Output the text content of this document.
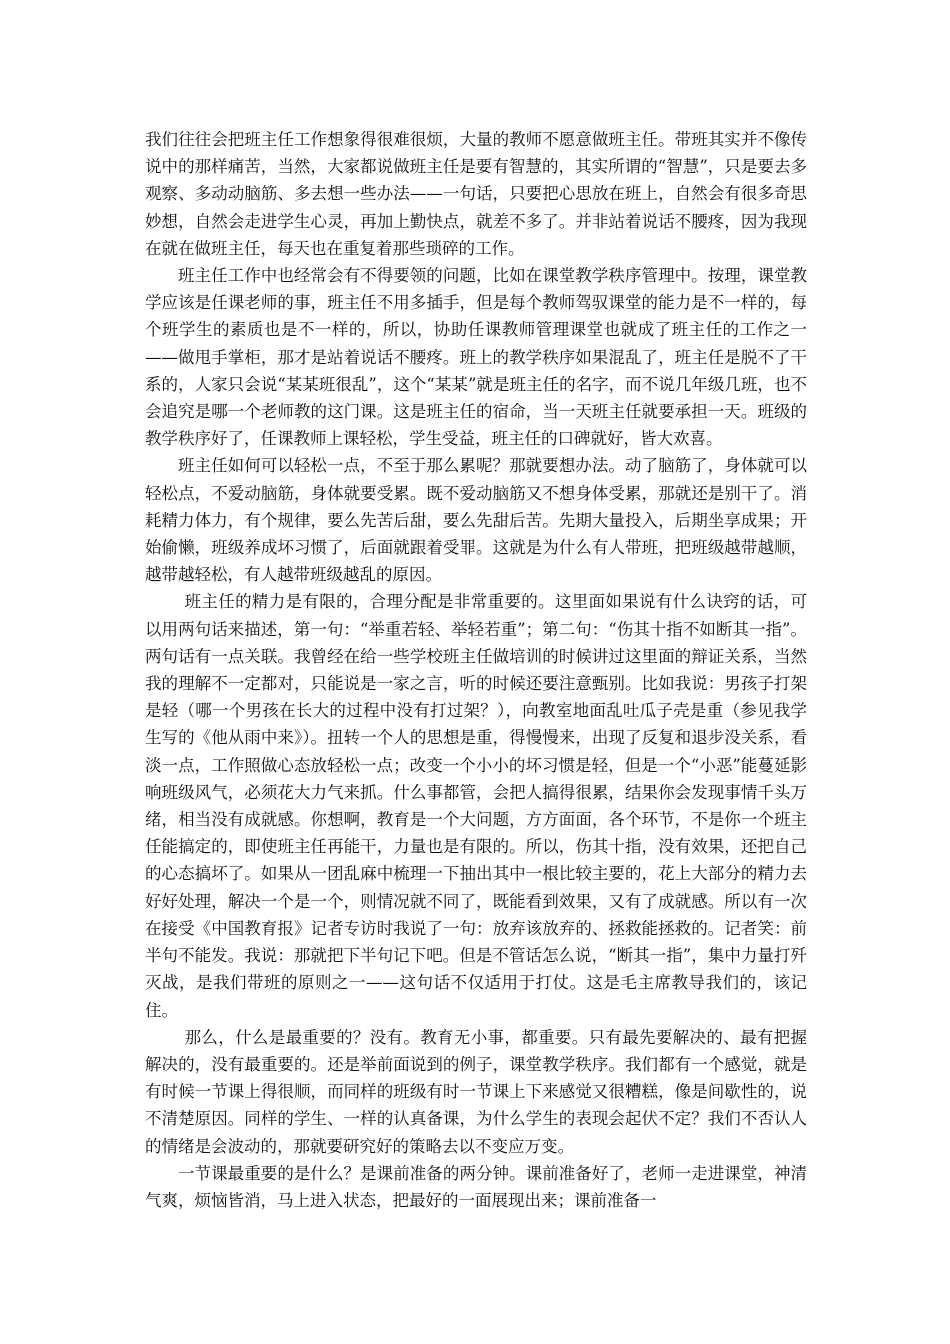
我们往往会把班主任工作想象得很难很烦，大量的教师不愿意做班主任。带班其实并不像传说中的那样痛苦，当然，大家都说做班主任是要有智慧的，其实所谓的“智慧”，只是要去多观察、多动动脑筋、多去想一些办法——一句话，只要把心思放在班上，自然会有很多奇思妙想，自然会走进学生心灵，再加上勤快点，就差不多了。并非站着说话不腰疼，因为我现在就在做班主任，每天也在重复着那些琐碎的工作。

班主任工作中也经常会有不得要领的问题，比如在课堂教学秩序管理中。按理，课堂教学应该是任课老师的事，班主任不用多插手，但是每个教师驾驭课堂的能力是不一样的，每个班学生的素质也是不一样的，所以，协助任课教师管理课堂也就成了班主任的工作之一——做甩手掌柜，那才是站着说话不腰疼。班上的教学秩序如果混乱了，班主任是脱不了干系的，人家只会说“某某班很乱”，这个“某某”就是班主任的名字，而不说几年级几班，也不会追究是哪一个老师教的这门课。这是班主任的宿命，当一天班主任就要承担一天。班级的教学秩序好了，任课教师上课轻松，学生受益，班主任的口碑就好，皆大欢喜。

班主任如何可以轻松一点，不至于那么累呢？那就要想办法。动了脑筋了，身体就可以轻松点，不爱动脑筋，身体就要受累。既不爱动脑筋又不想身体受累，那就还是别干了。消耗精力体力，有个规律，要么先苦后甜，要么先甜后苦。先期大量投入，后期坐享成果；开始偷懒，班级养成坏习惯了，后面就跟着受罪。这就是为什么有人带班，把班级越带越顺，越带越轻松，有人越带班级越乱的原因。

班主任的精力是有限的，合理分配是非常重要的。这里面如果说有什么诀窍的话，可以用两句话来描述，第一句：“举重若轻、举轻若重”；第二句：“伤其十指不如断其一指”。两句话有一点关联。我曾经在给一些学校班主任做培训的时候讲过这里面的辩证关系，当然我的理解不一定都对，只能说是一家之言，听的时候还要注意甄别。比如我说：男孩子打架是轻（哪一个男孩在长大的过程中没有打过架？），向教室地面乱吐瓜子壳是重（参见我学生写的《他从雨中来》）。扭转一个人的思想是重，得慢慢来，出现了反复和退步没关系，看淡一点，工作照做心态放轻松一点；改变一个小小的坏习惯是轻，但是一个“小恶”能蔓延影响班级风气，必须花大力气来抓。什么事都管，会把人搞得很累，结果你会发现事情千头万绪，相当没有成就感。你想啊，教育是一个大问题，方方面面，各个环节，不是你一个班主任能搞定的，即使班主任再能干，力量也是有限的。所以，伤其十指，没有效果，还把自己的心态搞坏了。如果从一团乱麻中梳理一下抽出其中一根比较主要的，花上大部分的精力去好好处理，解决一个是一个，则情况就不同了，既能看到效果，又有了成就感。所以有一次在接受《中国教育报》记者专访时我说了一句：放弃该放弃的、拯救能拯救的。记者笑：前半句不能发。我说：那就把下半句记下吧。但是不管话怎么说，“断其一指”，集中力量打歼灭战，是我们带班的原则之一——这句话不仅适用于打仗。这是毛主席教导我们的，该记住。

那么，什么是最重要的？没有。教育无小事，都重要。只有最先要解决的、最有把握解决的，没有最重要的。还是举前面说到的例子，课堂教学秩序。我们都有一个感觉，就是有时候一节课上得很顺，而同样的班级有时一节课上下来感觉又很糟糕，像是间歇性的，说不清楚原因。同样的学生、一样的认真备课，为什么学生的表现会起伏不定？我们不否认人的情绪是会波动的，那就要研究好的策略去以不变应万变。

一节课最重要的是什么？是课前准备的两分钟。课前准备好了，老师一走进课堂，神清气爽，烦恼皆消，马上进入状态，把最好的一面展现出来；课前准备一
